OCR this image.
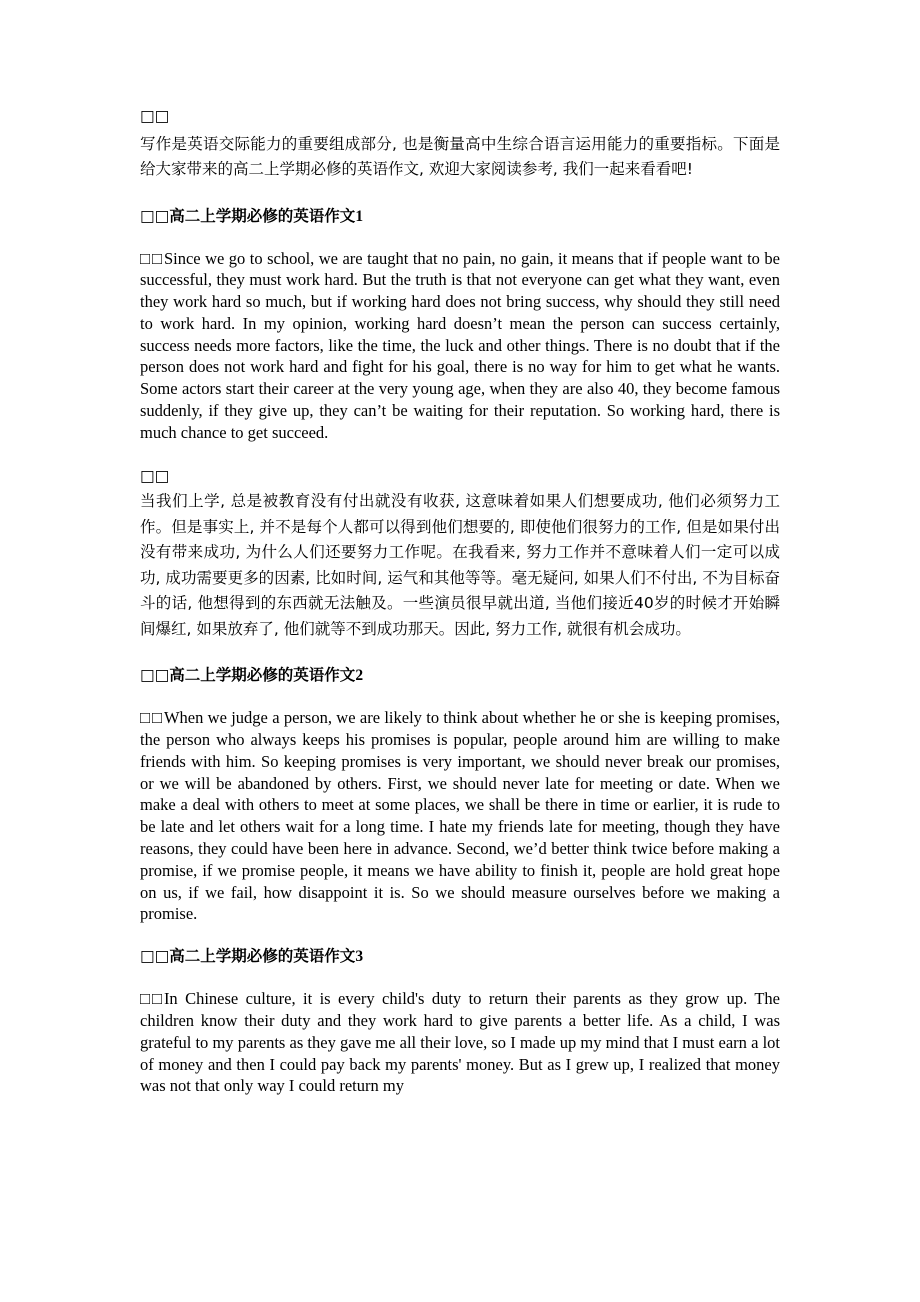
□□

写作是英语交际能力的重要组成部分, 也是衡量高中生综合语言运用能力的重要指标。下面是给大家带来的高二上学期必修的英语作文, 欢迎大家阅读参考, 我们一起来看看吧!

□□高二上学期必修的英语作文1

□□Since we go to school, we are taught that no pain, no gain, it means that if people want to be successful, they must work hard. But the truth is that not everyone can get what they want, even they work hard so much, but if working hard does not bring success, why should they still need to work hard. In my opinion, working hard doesn’t mean the person can success certainly, success needs more factors, like the time, the luck and other things. There is no doubt that if the person does not work hard and fight for his goal, there is no way for him to get what he wants. Some actors start their career at the very young age, when they are also 40, they become famous suddenly, if they give up, they can’t be waiting for their reputation. So working hard, there is much chance to get succeed.

□□

当我们上学, 总是被教育没有付出就没有收获, 这意味着如果人们想要成功, 他们必须努力工作。但是事实上, 并不是每个人都可以得到他们想要的, 即使他们很努力的工作, 但是如果付出没有带来成功, 为什么人们还要努力工作呢。在我看来, 努力工作并不意味着人们一定可以成功, 成功需要更多的因素, 比如时间, 运气和其他等等。毫无疑问, 如果人们不付出, 不为目标奋斗的话, 他想得到的东西就无法触及。一些演员很早就出道, 当他们接近40岁的时候才开始瞬间爆红, 如果放弃了, 他们就等不到成功那天。因此, 努力工作, 就很有机会成功。

□□高二上学期必修的英语作文2

□□When we judge a person, we are likely to think about whether he or she is keeping promises, the person who always keeps his promises is popular, people around him are willing to make friends with him. So keeping promises is very important, we should never break our promises, or we will be abandoned by others. First, we should never late for meeting or date. When we make a deal with others to meet at some places, we shall be there in time or earlier, it is rude to be late and let others wait for a long time. I hate my friends late for meeting, though they have reasons, they could have been here in advance. Second, we’d better think twice before making a promise, if we promise people, it means we have ability to finish it, people are hold great hope on us, if we fail, how disappoint it is. So we should measure ourselves before we making a promise.

□□高二上学期必修的英语作文3

□□In Chinese culture, it is every child's duty to return their parents as they grow up. The children know their duty and they work hard to give parents a better life. As a child, I was grateful to my parents as they gave me all their love, so I made up my mind that I must earn a lot of money and then I could pay back my parents' money. But as I grew up, I realized that money was not that only way I could return my
